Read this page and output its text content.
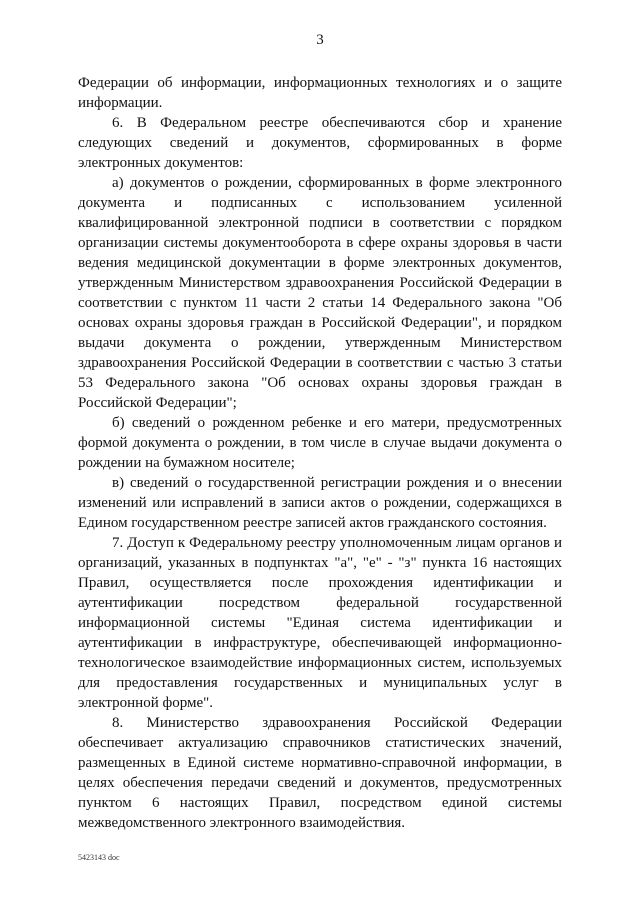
3

Федерации об информации, информационных технологиях и о защите информации.

6. В Федеральном реестре обеспечиваются сбор и хранение следующих сведений и документов, сформированных в форме электронных документов:

а) документов о рождении, сформированных в форме электронного документа и подписанных с использованием усиленной квалифицированной электронной подписи в соответствии с порядком организации системы документооборота в сфере охраны здоровья в части ведения медицинской документации в форме электронных документов, утвержденным Министерством здравоохранения Российской Федерации в соответствии с пунктом 11 части 2 статьи 14 Федерального закона "Об основах охраны здоровья граждан в Российской Федерации", и порядком выдачи документа о рождении, утвержденным Министерством здравоохранения Российской Федерации в соответствии с частью 3 статьи 53 Федерального закона "Об основах охраны здоровья граждан в Российской Федерации";

б) сведений о рожденном ребенке и его матери, предусмотренных формой документа о рождении, в том числе в случае выдачи документа о рождении на бумажном носителе;

в) сведений о государственной регистрации рождения и о внесении изменений или исправлений в записи актов о рождении, содержащихся в Едином государственном реестре записей актов гражданского состояния.

7. Доступ к Федеральному реестру уполномоченным лицам органов и организаций, указанных в подпунктах "а", "е" - "з" пункта 16 настоящих Правил, осуществляется после прохождения идентификации и аутентификации посредством федеральной государственной информационной системы "Единая система идентификации и аутентификации в инфраструктуре, обеспечивающей информационно-технологическое взаимодействие информационных систем, используемых для предоставления государственных и муниципальных услуг в электронной форме".

8. Министерство здравоохранения Российской Федерации обеспечивает актуализацию справочников статистических значений, размещенных в Единой системе нормативно-справочной информации, в целях обеспечения передачи сведений и документов, предусмотренных пунктом 6 настоящих Правил, посредством единой системы межведомственного электронного взаимодействия.

5423143 doc
